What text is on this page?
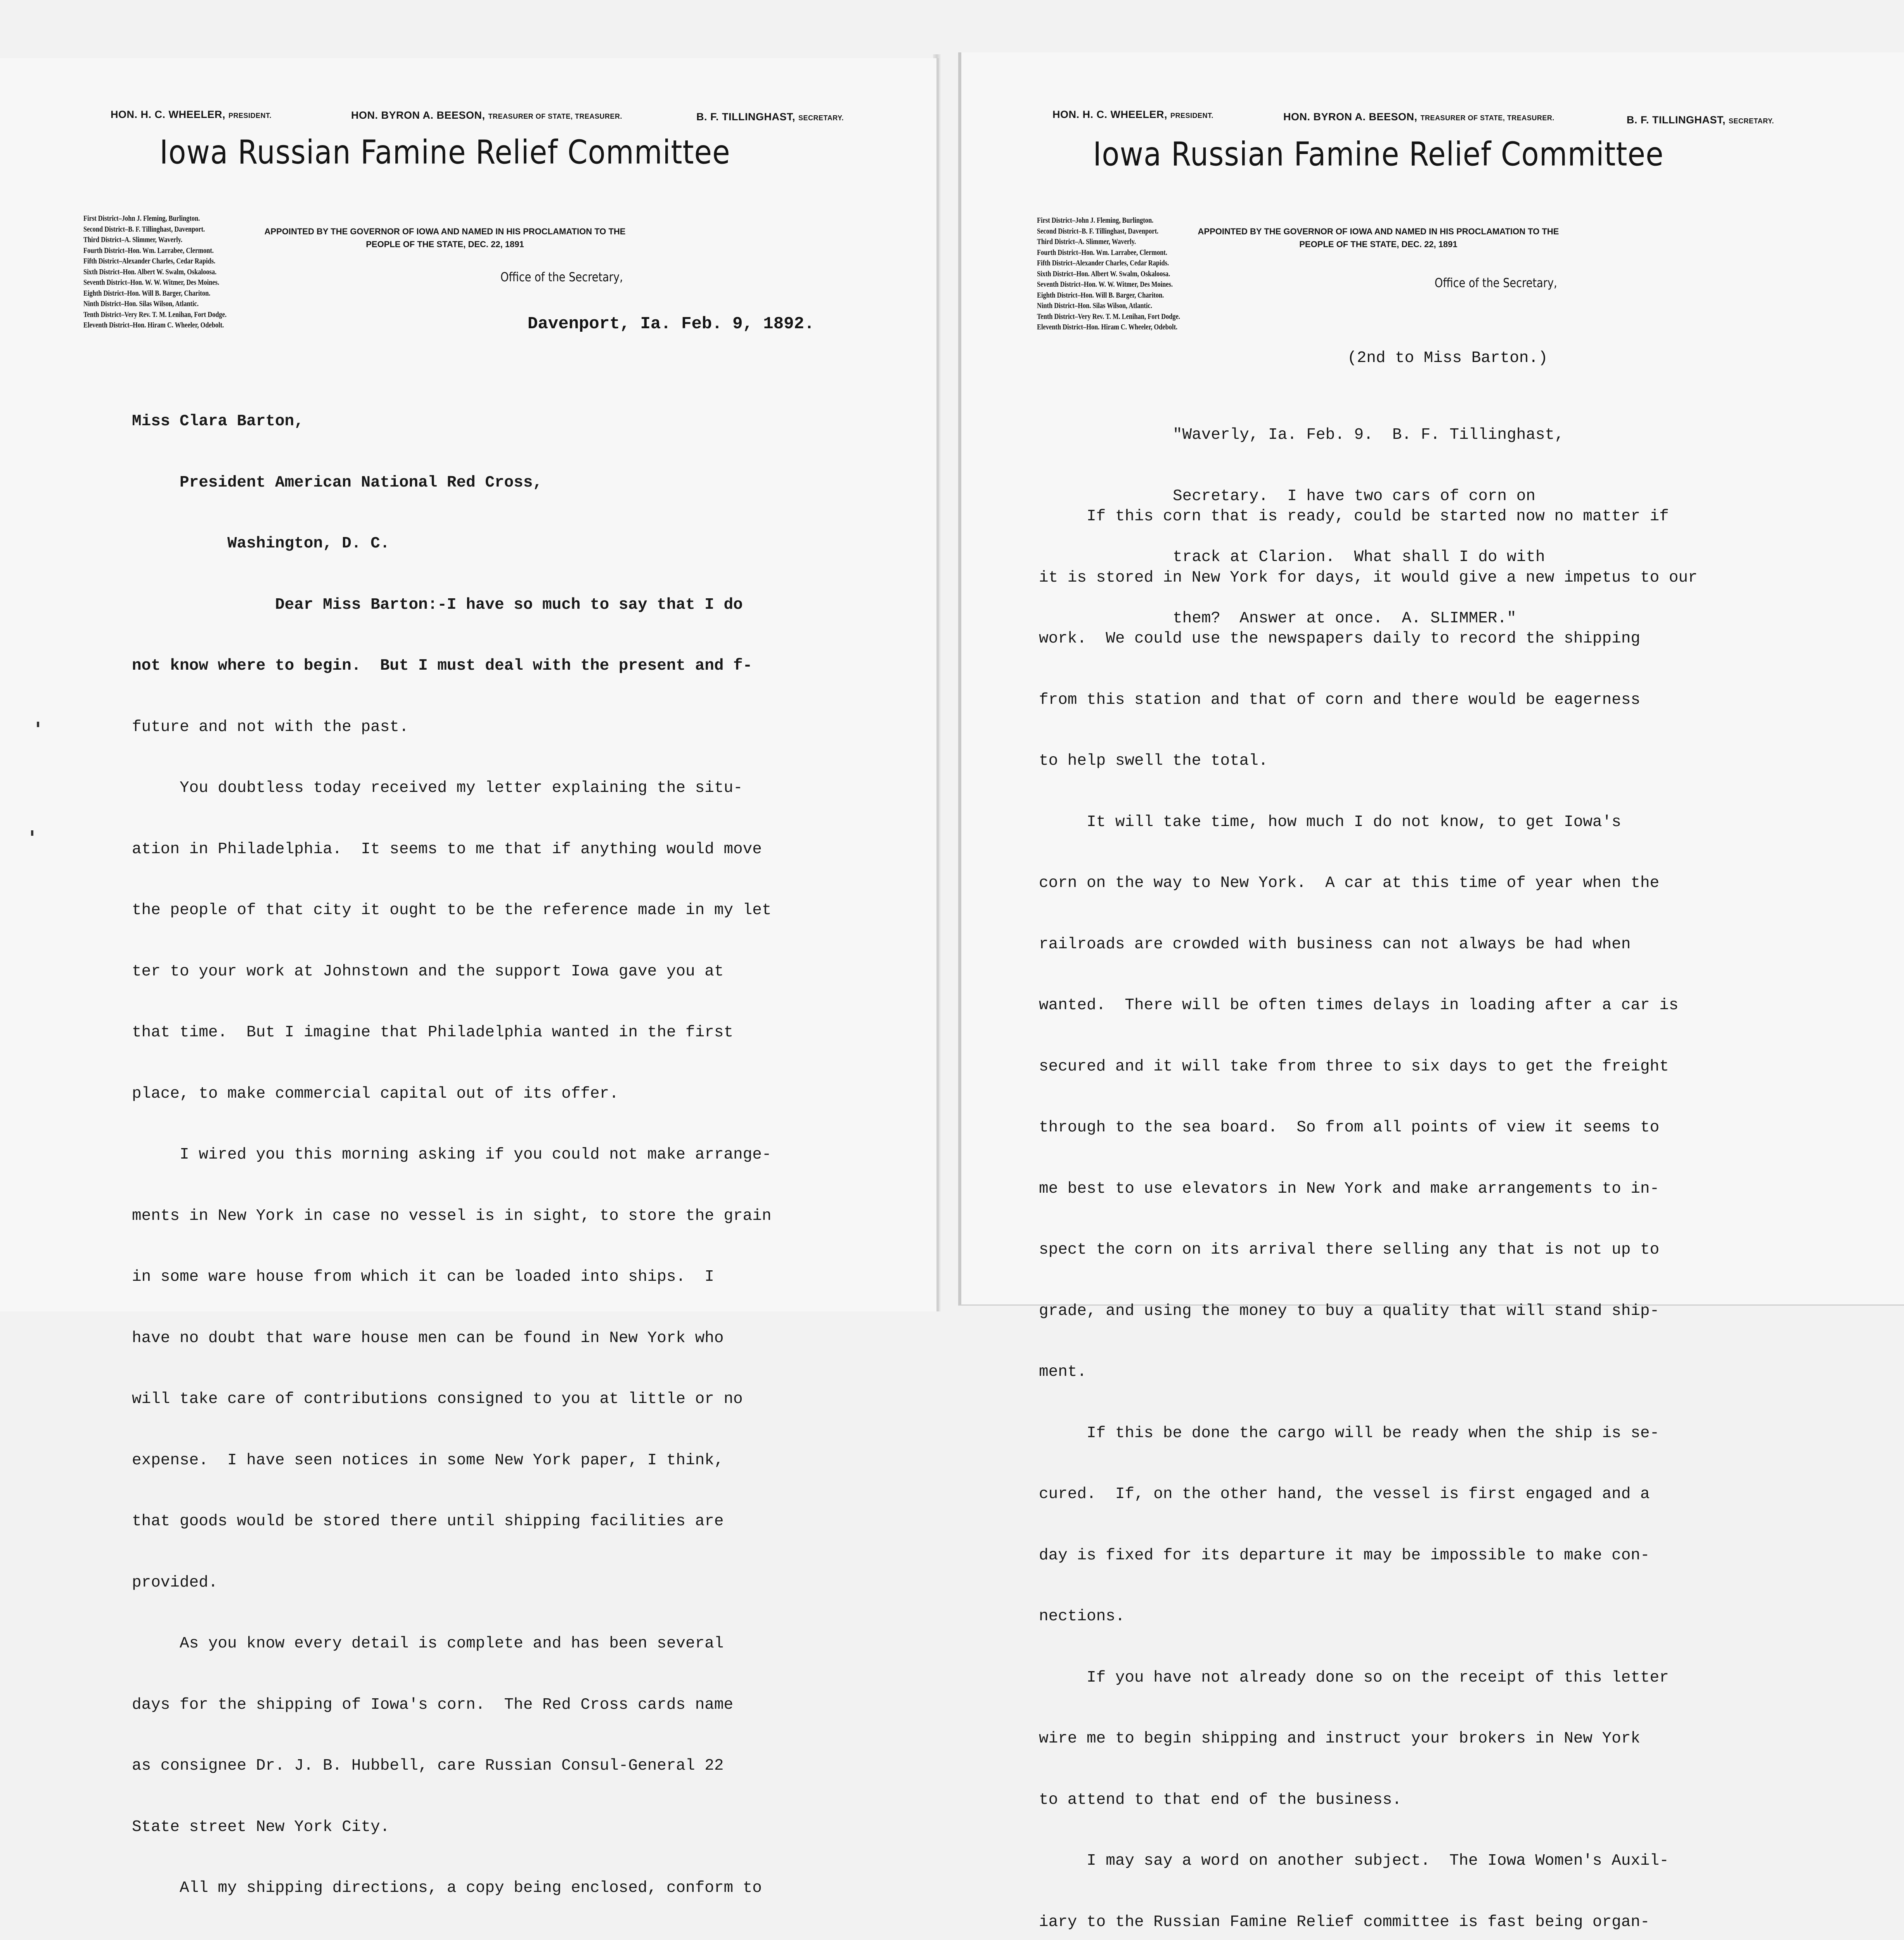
HON. H. C. WHEELER, PRESIDENT.	HON. BYRON A. BEESON, TREASURER OF STATE, TREASURER.	B. F. TILLINGHAST, SECRETARY.
Iowa Russian Famine Relief Committee
APPOINTED BY THE GOVERNOR OF IOWA AND NAMED IN HIS PROCLAMATION TO THE
PEOPLE OF THE STATE, DEC. 22, 1891
First District–John J. Fleming, Burlington.
Second District–B. F. Tillinghast, Davenport.
Third District–A. Slimmer, Waverly.
Fourth District–Hon. Wm. Larrabee, Clermont.
Fifth District–Alexander Charles, Cedar Rapids.
Sixth District–Hon. Albert W. Swalm, Oskaloosa.
Seventh District–Hon. W. W. Witmer, Des Moines.
Eighth District–Hon. Will B. Barger, Chariton.
Ninth District–Hon. Silas Wilson, Atlantic.
Tenth District–Very Rev. T. M. Lenihan, Fort Dodge.
Eleventh District–Hon. Hiram C. Wheeler, Odebolt.
Office of the Secretary,
Davenport, Ia. Feb. 9, 1892.

Miss Clara Barton,

President American National Red Cross,

Washington, D. C.

Dear Miss Barton:-I have so much to say that I do

not know where to begin.  But I must deal with the present and f-

future and not with the past.

You doubtless today received my letter explaining the situ-

ation in Philadelphia.  It seems to me that if anything would move

the people of that city it ought to be the reference made in my let

ter to your work at Johnstown and the support Iowa gave you at

that time.  But I imagine that Philadelphia wanted in the first

place, to make commercial capital out of its offer.

I wired you this morning asking if you could not make arrange-

ments in New York in case no vessel is in sight, to store the grain

in some ware house from which it can be loaded into ships.  I

have no doubt that ware house men can be found in New York who

will take care of contributions consigned to you at little or no

expense.  I have seen notices in some New York paper, I think,

that goods would be stored there until shipping facilities are

provided.

As you know every detail is complete and has been several

days for the shipping of Iowa's corn.  The Red Cross cards name

as consignee Dr. J. B. Hubbell, care Russian Consul-General 22

State street New York City.

All my shipping directions, a copy being enclosed, conform to

HON. H. C. WHEELER, PRESIDENT.	HON. BYRON A. BEESON, TREASURER OF STATE, TREASURER.	B. F. TILLINGHAST, SECRETARY.
Iowa Russian Famine Relief Committee
APPOINTED BY THE GOVERNOR OF IOWA AND NAMED IN HIS PROCLAMATION TO THE
PEOPLE OF THE STATE, DEC. 22, 1891
First District–John J. Fleming, Burlington.
Second District–B. F. Tillinghast, Davenport.
Third District–A. Slimmer, Waverly.
Fourth District–Hon. Wm. Larrabee, Clermont.
Fifth District–Alexander Charles, Cedar Rapids.
Sixth District–Hon. Albert W. Swalm, Oskaloosa.
Seventh District–Hon. W. W. Witmer, Des Moines.
Eighth District–Hon. Will B. Barger, Chariton.
Ninth District–Hon. Silas Wilson, Atlantic.
Tenth District–Very Rev. T. M. Lenihan, Fort Dodge.
Eleventh District–Hon. Hiram C. Wheeler, Odebolt.
Office of the Secretary,
(2nd to Miss Barton.)

"Waverly, Ia. Feb. 9.  B. F. Tillinghast,

Secretary.  I have two cars of corn on

track at Clarion.  What shall I do with

them?  Answer at once.  A. SLIMMER."

If this corn that is ready, could be started now no matter if

it is stored in New York for days, it would give a new impetus to our

work.  We could use the newspapers daily to record the shipping

from this station and that of corn and there would be eagerness

to help swell the total.

It will take time, how much I do not know, to get Iowa's

corn on the way to New York.  A car at this time of year when the

railroads are crowded with business can not always be had when

wanted.  There will be often times delays in loading after a car is

secured and it will take from three to six days to get the freight

through to the sea board.  So from all points of view it seems to

me best to use elevators in New York and make arrangements to in-

spect the corn on its arrival there selling any that is not up to

grade, and using the money to buy a quality that will stand ship-

ment.

If this be done the cargo will be ready when the ship is se-

cured.  If, on the other hand, the vessel is first engaged and a

day is fixed for its departure it may be impossible to make con-

nections.

If you have not already done so on the receipt of this letter

wire me to begin shipping and instruct your brokers in New York

to attend to that end of the business.

I may say a word on another subject.  The Iowa Women's Auxil-

iary to the Russian Famine Relief committee is fast being organ-
